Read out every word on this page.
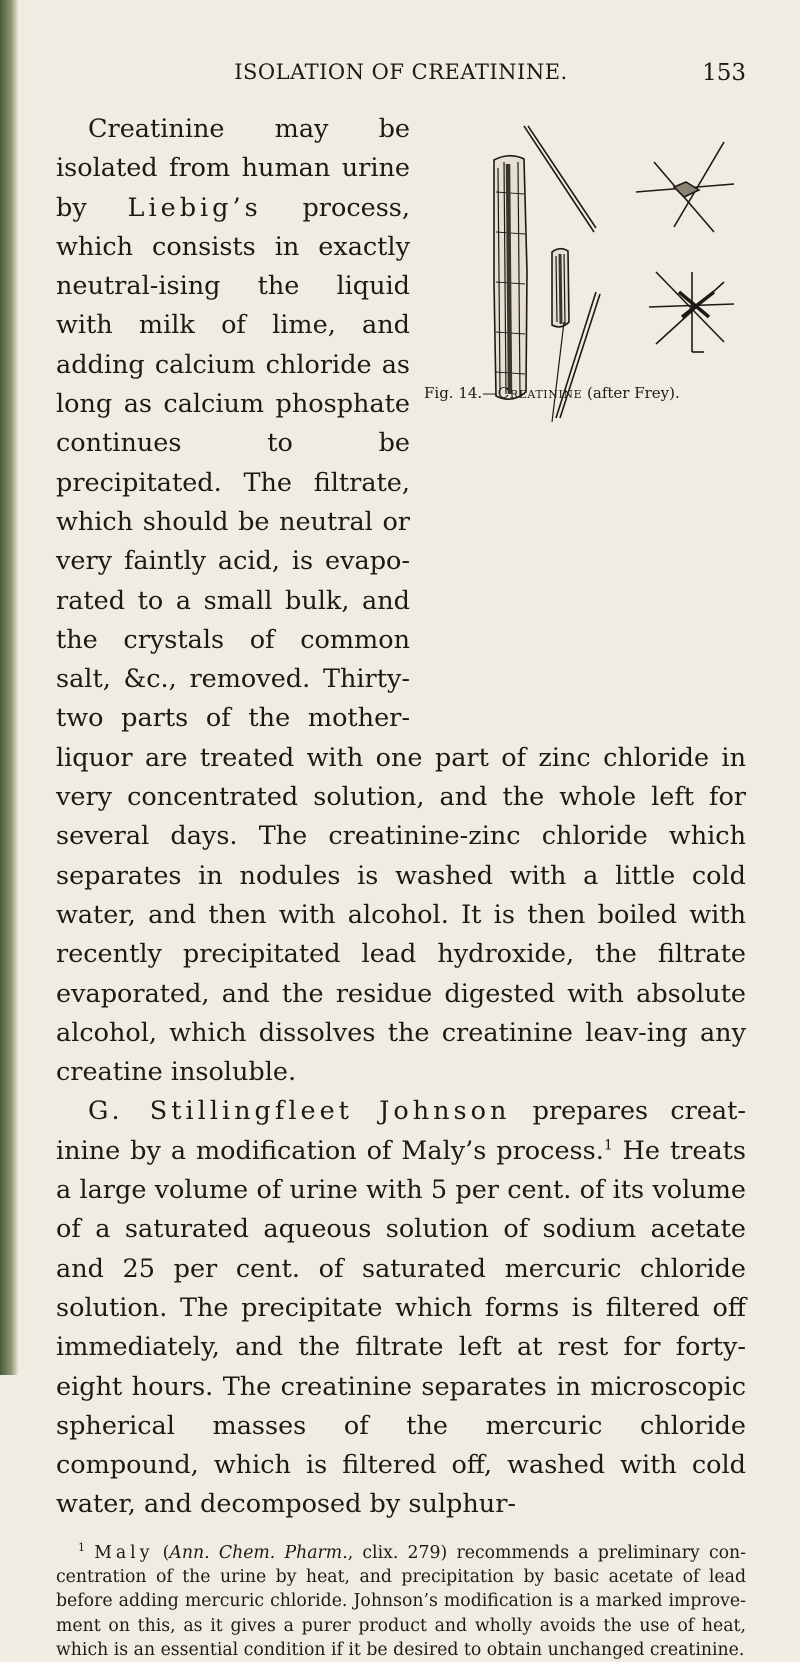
ISOLATION OF CREATININE.	153
Fig. 14.—Creatinine (after Frey).

Creatinine may be isolated from human urine by Liebig’s process, which consists in exactly neutral-ising the liquid with milk of lime, and adding calcium chloride as long as calcium phosphate continues to be precipitated. The filtrate, which should be neutral or very faintly acid, is evapo-rated to a small bulk, and the crystals of common salt, &c., removed. Thirty-two parts of the mother-liquor are treated with one part of zinc chloride in very concentrated solution, and the whole left for several days. The creatinine-zinc chloride which separates in nodules is washed with a little cold water, and then with alcohol. It is then boiled with recently precipitated lead hydroxide, the filtrate evaporated, and the residue digested with absolute alcohol, which dissolves the creatinine leav-ing any creatine insoluble.

G. Stillingfleet Johnson prepares creat-inine by a modification of Maly’s process.$^1$ He treats a large volume of urine with 5 per cent. of its volume of a saturated aqueous solution of sodium acetate and 25 per cent. of saturated mercuric chloride solution. The precipitate which forms is filtered off immediately, and the filtrate left at rest for forty-eight hours. The creatinine separates in microscopic spherical masses of the mercuric chloride compound, which is filtered off, washed with cold water, and decomposed by sulphur-

$^1$ Maly (Ann. Chem. Pharm., clix. 279) recommends a preliminary con-centration of the urine by heat, and precipitation by basic acetate of lead before adding mercuric chloride. Johnson’s modification is a marked improve-ment on this, as it gives a purer product and wholly avoids the use of heat, which is an essential condition if it be desired to obtain unchanged creatinine.
